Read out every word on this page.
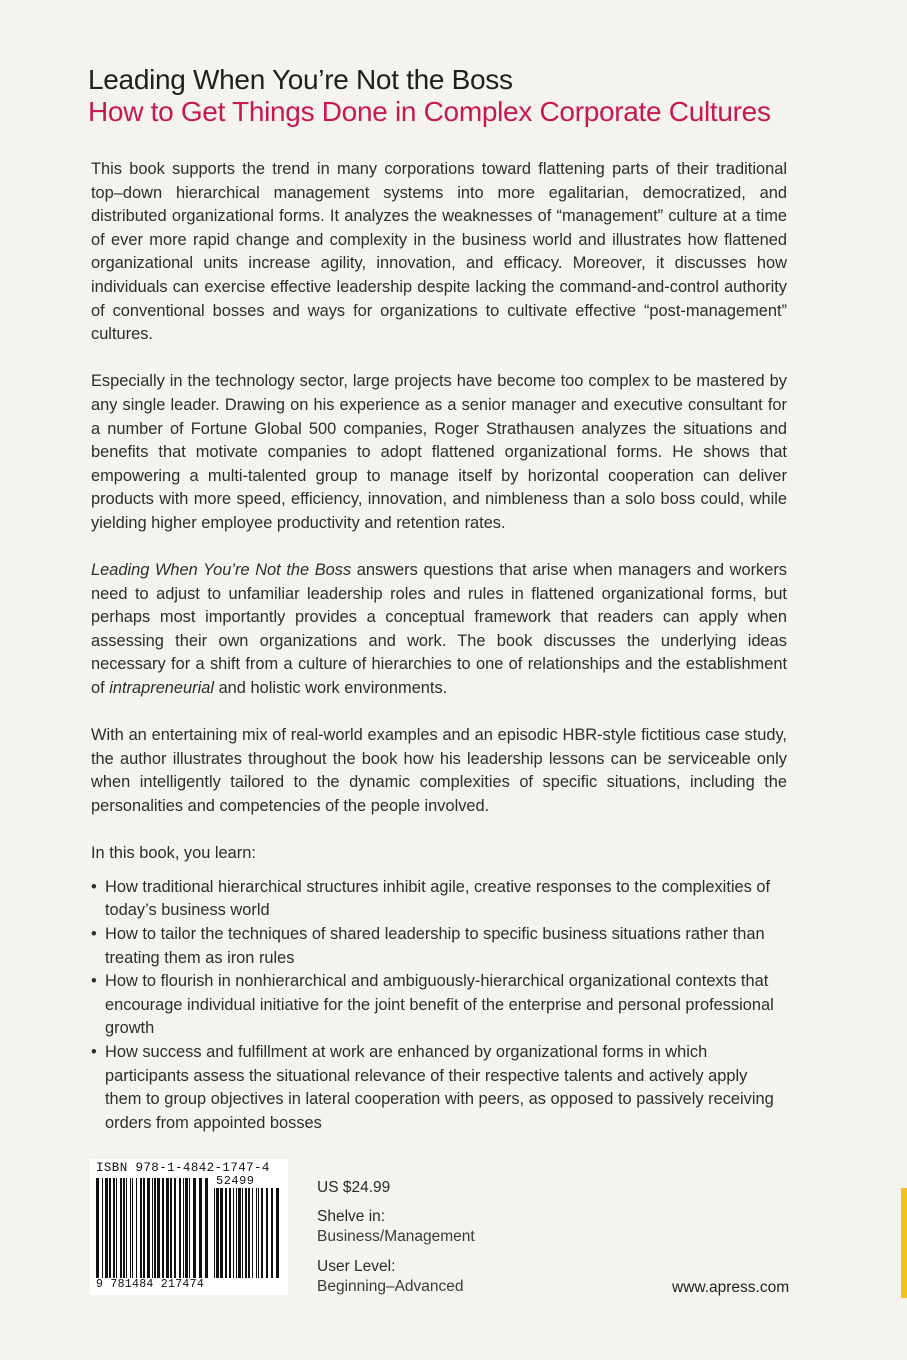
Leading When You’re Not the Boss
How to Get Things Done in Complex Corporate Cultures

This book supports the trend in many corporations toward flattening parts of their traditional top–down hierarchical management systems into more egalitarian, democratized, and distributed organizational forms. It analyzes the weaknesses of “management” culture at a time of ever more rapid change and complexity in the business world and illustrates how flattened organizational units increase agility, innovation, and efficacy. Moreover, it discusses how individuals can exercise effective leadership despite lacking the command-and-control authority of conventional bosses and ways for organizations to cultivate effective “post-management” cultures.

Especially in the technology sector, large projects have become too complex to be mastered by any single leader. Drawing on his experience as a senior manager and executive consultant for a number of Fortune Global 500 companies, Roger Strathausen analyzes the situations and benefits that motivate companies to adopt flattened organizational forms. He shows that empowering a multi-talented group to manage itself by horizontal cooperation can deliver products with more speed, efficiency, innovation, and nimbleness than a solo boss could, while yielding higher employee productivity and retention rates.

Leading When You’re Not the Boss answers questions that arise when managers and workers need to adjust to unfamiliar leadership roles and rules in flattened organizational forms, but perhaps most importantly provides a conceptual framework that readers can apply when assessing their own organizations and work. The book discusses the underlying ideas necessary for a shift from a culture of hierarchies to one of relationships and the establishment of intrapreneurial and holistic work environments.

With an entertaining mix of real-world examples and an episodic HBR-style fictitious case study, the author illustrates throughout the book how his leadership lessons can be serviceable only when intelligently tailored to the dynamic complexities of specific situations, including the personalities and competencies of the people involved.

In this book, you learn:

• How traditional hierarchical structures inhibit agile, creative responses to the complexities of today’s business world
• How to tailor the techniques of shared leadership to specific business situations rather than treating them as iron rules
• How to flourish in nonhierarchical and ambiguously-hierarchical organizational contexts that encourage individual initiative for the joint benefit of the enterprise and personal professional growth
• How success and fulfillment at work are enhanced by organizational forms in which participants assess the situational relevance of their respective talents and actively apply them to group objectives in lateral cooperation with peers, as opposed to passively receiving orders from appointed bosses
ISBN 978-1-4842-1747-4
52499
9 781484 217474
US $24.99
Shelve in:
Business/Management
User Level:
Beginning–Advanced	www.apress.com
